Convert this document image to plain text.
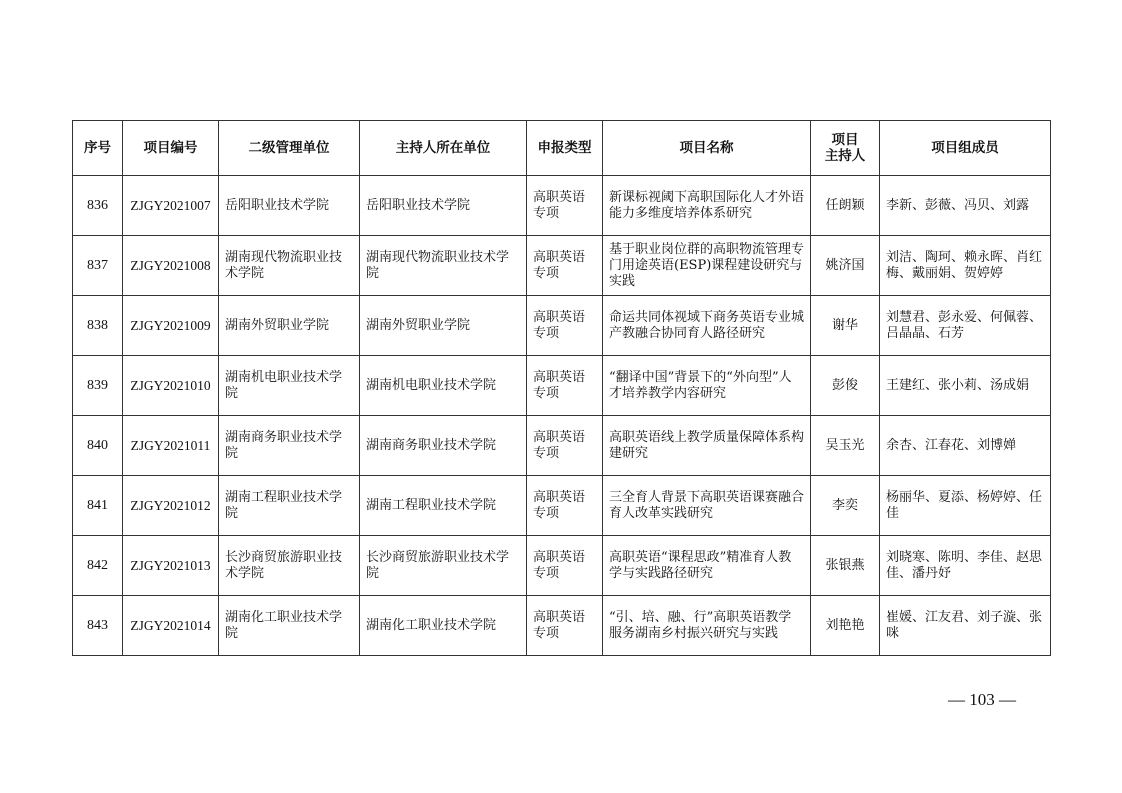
序号	项目编号	二级管理单位	主持人所在单位	申报类型	项目名称	项目
主持人	项目组成员
836	ZJGY2021007	岳阳职业技术学院	岳阳职业技术学院	高职英语专项	新课标视阈下高职国际化人才外语能力多维度培养体系研究	任朗颖	李新、彭薇、冯贝、刘露
837	ZJGY2021008	湖南现代物流职业技术学院	湖南现代物流职业技术学院	高职英语专项	基于职业岗位群的高职物流管理专门用途英语(ESP)课程建设研究与实践	姚济国	刘洁、陶珂、赖永晖、肖红梅、戴丽娟、贺婷婷
838	ZJGY2021009	湖南外贸职业学院	湖南外贸职业学院	高职英语专项	命运共同体视域下商务英语专业城产教融合协同育人路径研究	谢华	刘慧君、彭永爱、何佩蓉、吕晶晶、石芳
839	ZJGY2021010	湖南机电职业技术学院	湖南机电职业技术学院	高职英语专项	“翻译中国”背景下的“外向型”人才培养教学内容研究	彭俊	王建红、张小莉、汤成娟
840	ZJGY2021011	湖南商务职业技术学院	湖南商务职业技术学院	高职英语专项	高职英语线上教学质量保障体系构建研究	吴玉光	余杏、江春花、刘博婵
841	ZJGY2021012	湖南工程职业技术学院	湖南工程职业技术学院	高职英语专项	三全育人背景下高职英语课赛融合育人改革实践研究	李奕	杨丽华、夏添、杨婷婷、任佳
842	ZJGY2021013	长沙商贸旅游职业技术学院	长沙商贸旅游职业技术学院	高职英语专项	高职英语“课程思政”精准育人教学与实践路径研究	张银燕	刘晓寒、陈明、李佳、赵思佳、潘丹妤
843	ZJGY2021014	湖南化工职业技术学院	湖南化工职业技术学院	高职英语专项	“引、培、融、行”高职英语教学服务湖南乡村振兴研究与实践	刘艳艳	崔媛、江友君、刘子漩、张咪
— 103 —
